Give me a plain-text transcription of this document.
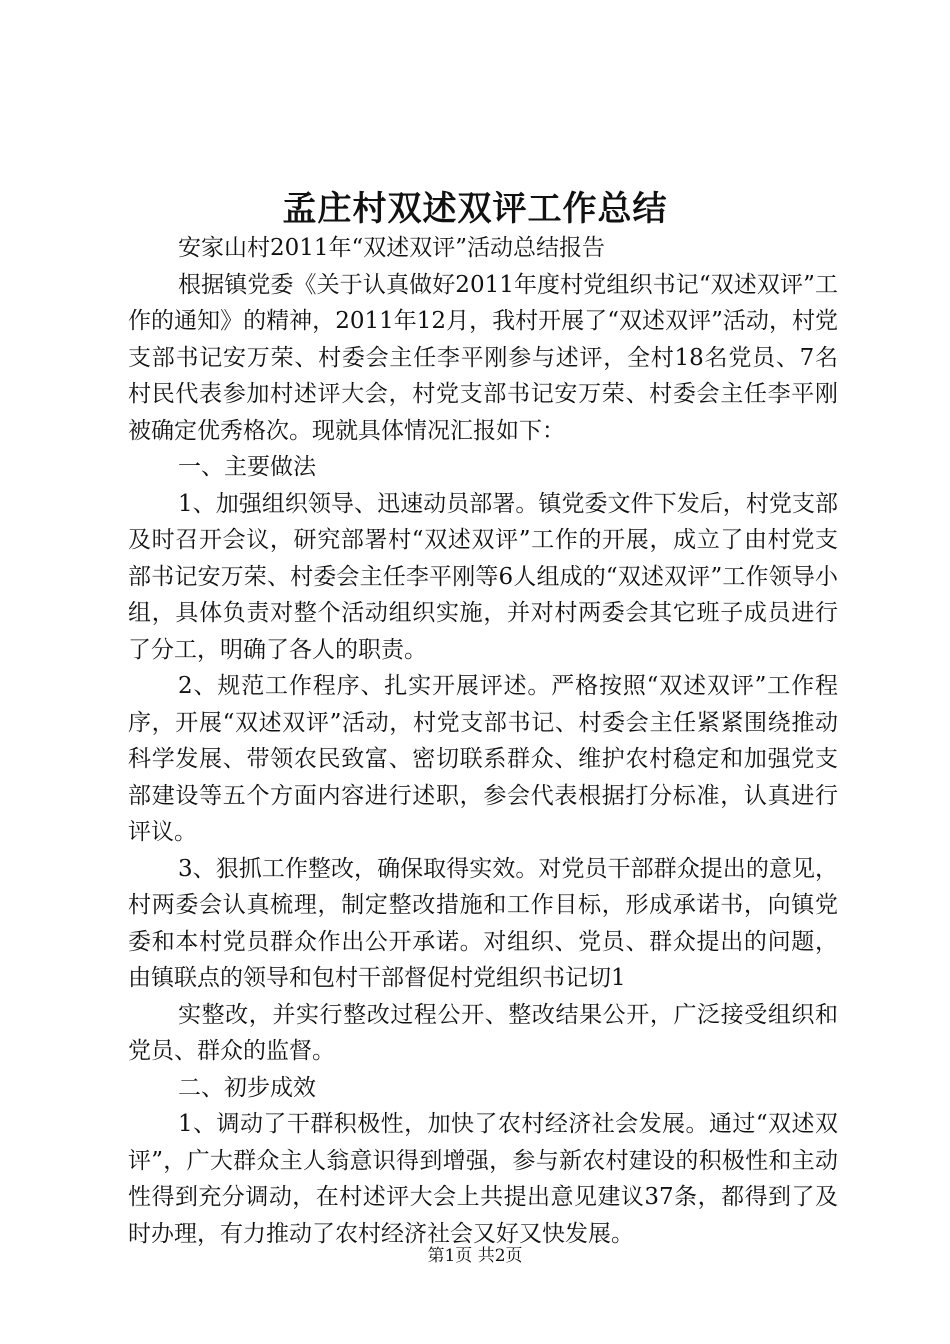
孟庄村双述双评工作总结

安家山村2011年“双述双评”活动总结报告

根据镇党委《关于认真做好2011年度村党组织书记“双述双评”工作的通知》的精神，2011年12月，我村开展了“双述双评”活动，村党支部书记安万荣、村委会主任李平刚参与述评，全村18名党员、7名村民代表参加村述评大会，村党支部书记安万荣、村委会主任李平刚被确定优秀格次。现就具体情况汇报如下：

一、主要做法

1、加强组织领导、迅速动员部署。镇党委文件下发后，村党支部及时召开会议，研究部署村“双述双评”工作的开展，成立了由村党支部书记安万荣、村委会主任李平刚等6人组成的“双述双评”工作领导小组，具体负责对整个活动组织实施，并对村两委会其它班子成员进行了分工，明确了各人的职责。

2、规范工作程序、扎实开展评述。严格按照“双述双评”工作程序，开展“双述双评”活动，村党支部书记、村委会主任紧紧围绕推动科学发展、带领农民致富、密切联系群众、维护农村稳定和加强党支部建设等五个方面内容进行述职，参会代表根据打分标准，认真进行评议。

3、狠抓工作整改，确保取得实效。对党员干部群众提出的意见，村两委会认真梳理，制定整改措施和工作目标，形成承诺书，向镇党委和本村党员群众作出公开承诺。对组织、党员、群众提出的问题，由镇联点的领导和包村干部督促村党组织书记切1

实整改，并实行整改过程公开、整改结果公开，广泛接受组织和党员、群众的监督。

二、初步成效

1、调动了干群积极性，加快了农村经济社会发展。通过“双述双评”，广大群众主人翁意识得到增强，参与新农村建设的积极性和主动性得到充分调动，在村述评大会上共提出意见建议37条，都得到了及时办理，有力推动了农村经济社会又好又快发展。

第1页 共2页
